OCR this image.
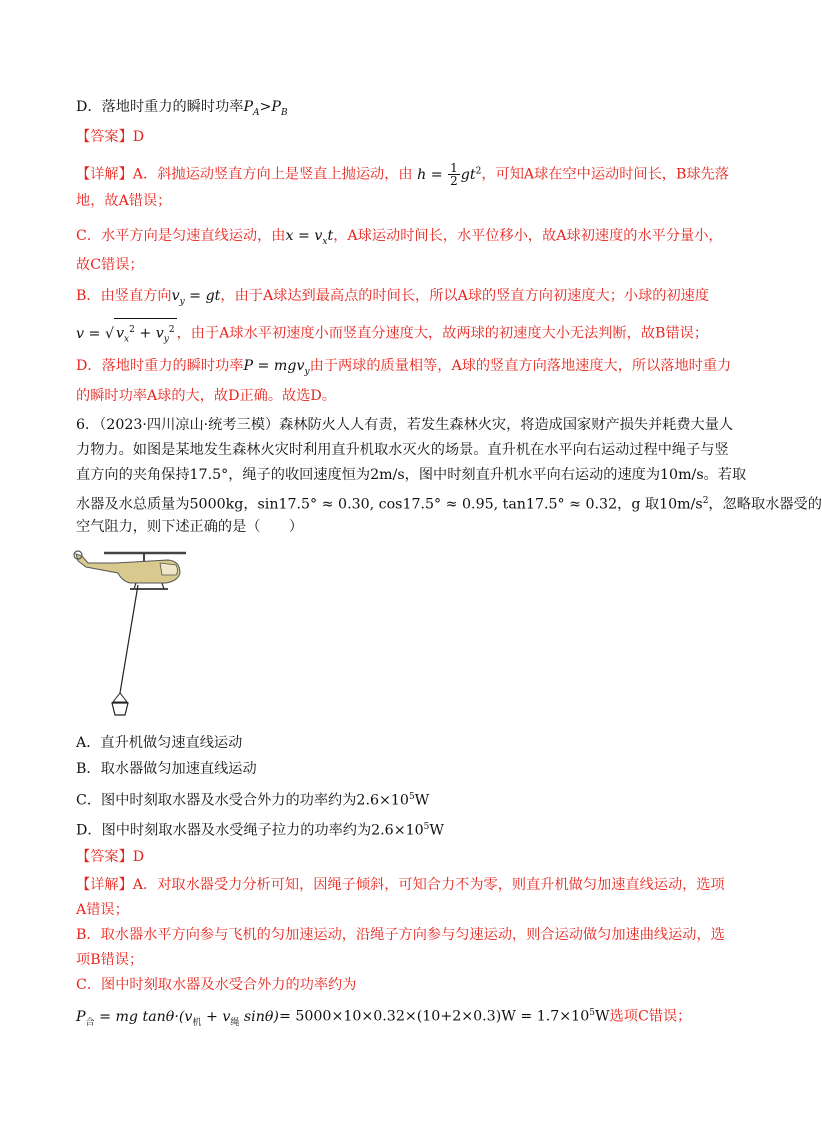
D．落地时重力的瞬时功率$P_A>P_B$
【答案】D
【详解】A．斜抛运动竖直方向上是竖直上抛运动，由 $h = \frac{1}{2} gt^2$，可知A球在空中运动时间长，B球先落
地，故A错误；
C．水平方向是匀速直线运动，由$x = v_xt$，A球运动时间长，水平位移小，故A球初速度的水平分量小，
故C错误；
B．由竖直方向$v_y$ = gt，由于A球达到最高点的时间长，所以A球的竖直方向初速度大；小球的初速度
v = √ $v_x^2 + v_y^2$ ，由于A球水平初速度小而竖直分速度大，故两球的初速度大小无法判断，故B错误；
D．落地时重力的瞬时功率P = mgv$_y$由于两球的质量相等，A球的竖直方向落地速度大，所以落地时重力
的瞬时功率A球的大，故D正确。故选D。
6．（2023·四川凉山·统考三模）森林防火人人有责，若发生森林火灾，将造成国家财产损失并耗费大量人
力物力。如图是某地发生森林火灾时利用直升机取水灭火的场景。直升机在水平向右运动过程中绳子与竖
直方向的夹角保持17.5°，绳子的收回速度恒为2m/s，图中时刻直升机水平向右运动的速度为10m/s。若取
水器及水总质量为5000kg，sin17.5° ≈ 0.30, cos17.5° ≈ 0.95, tan17.5° ≈ 0.32，g 取$10m/s^2$，忽略取水器受的
空气阻力，则下述正确的是（　　）
A．直升机做匀速直线运动
B．取水器做匀加速直线运动
C．图中时刻取水器及水受合外力的功率约为$2.6\times 10^5W$
D．图中时刻取水器及水受绳子拉力的功率约为$2.6\times 10^5W$
【答案】D
【详解】A．对取水器受力分析可知，因绳子倾斜，可知合力不为零，则直升机做匀加速直线运动，选项
A错误；
B．取水器水平方向参与飞机的匀加速运动，沿绳子方向参与匀速运动，则合运动做匀加速曲线运动，选
项B错误；
C．图中时刻取水器及水受合外力的功率约为
$P_合$ = mg $\tan\theta\cdot(v_机 + v_绳$ $\sin\theta)= 5000\times 10\times 0.32\times(10+2\times 0.3)W = 1.7\times 10^5W$选项C错误；
